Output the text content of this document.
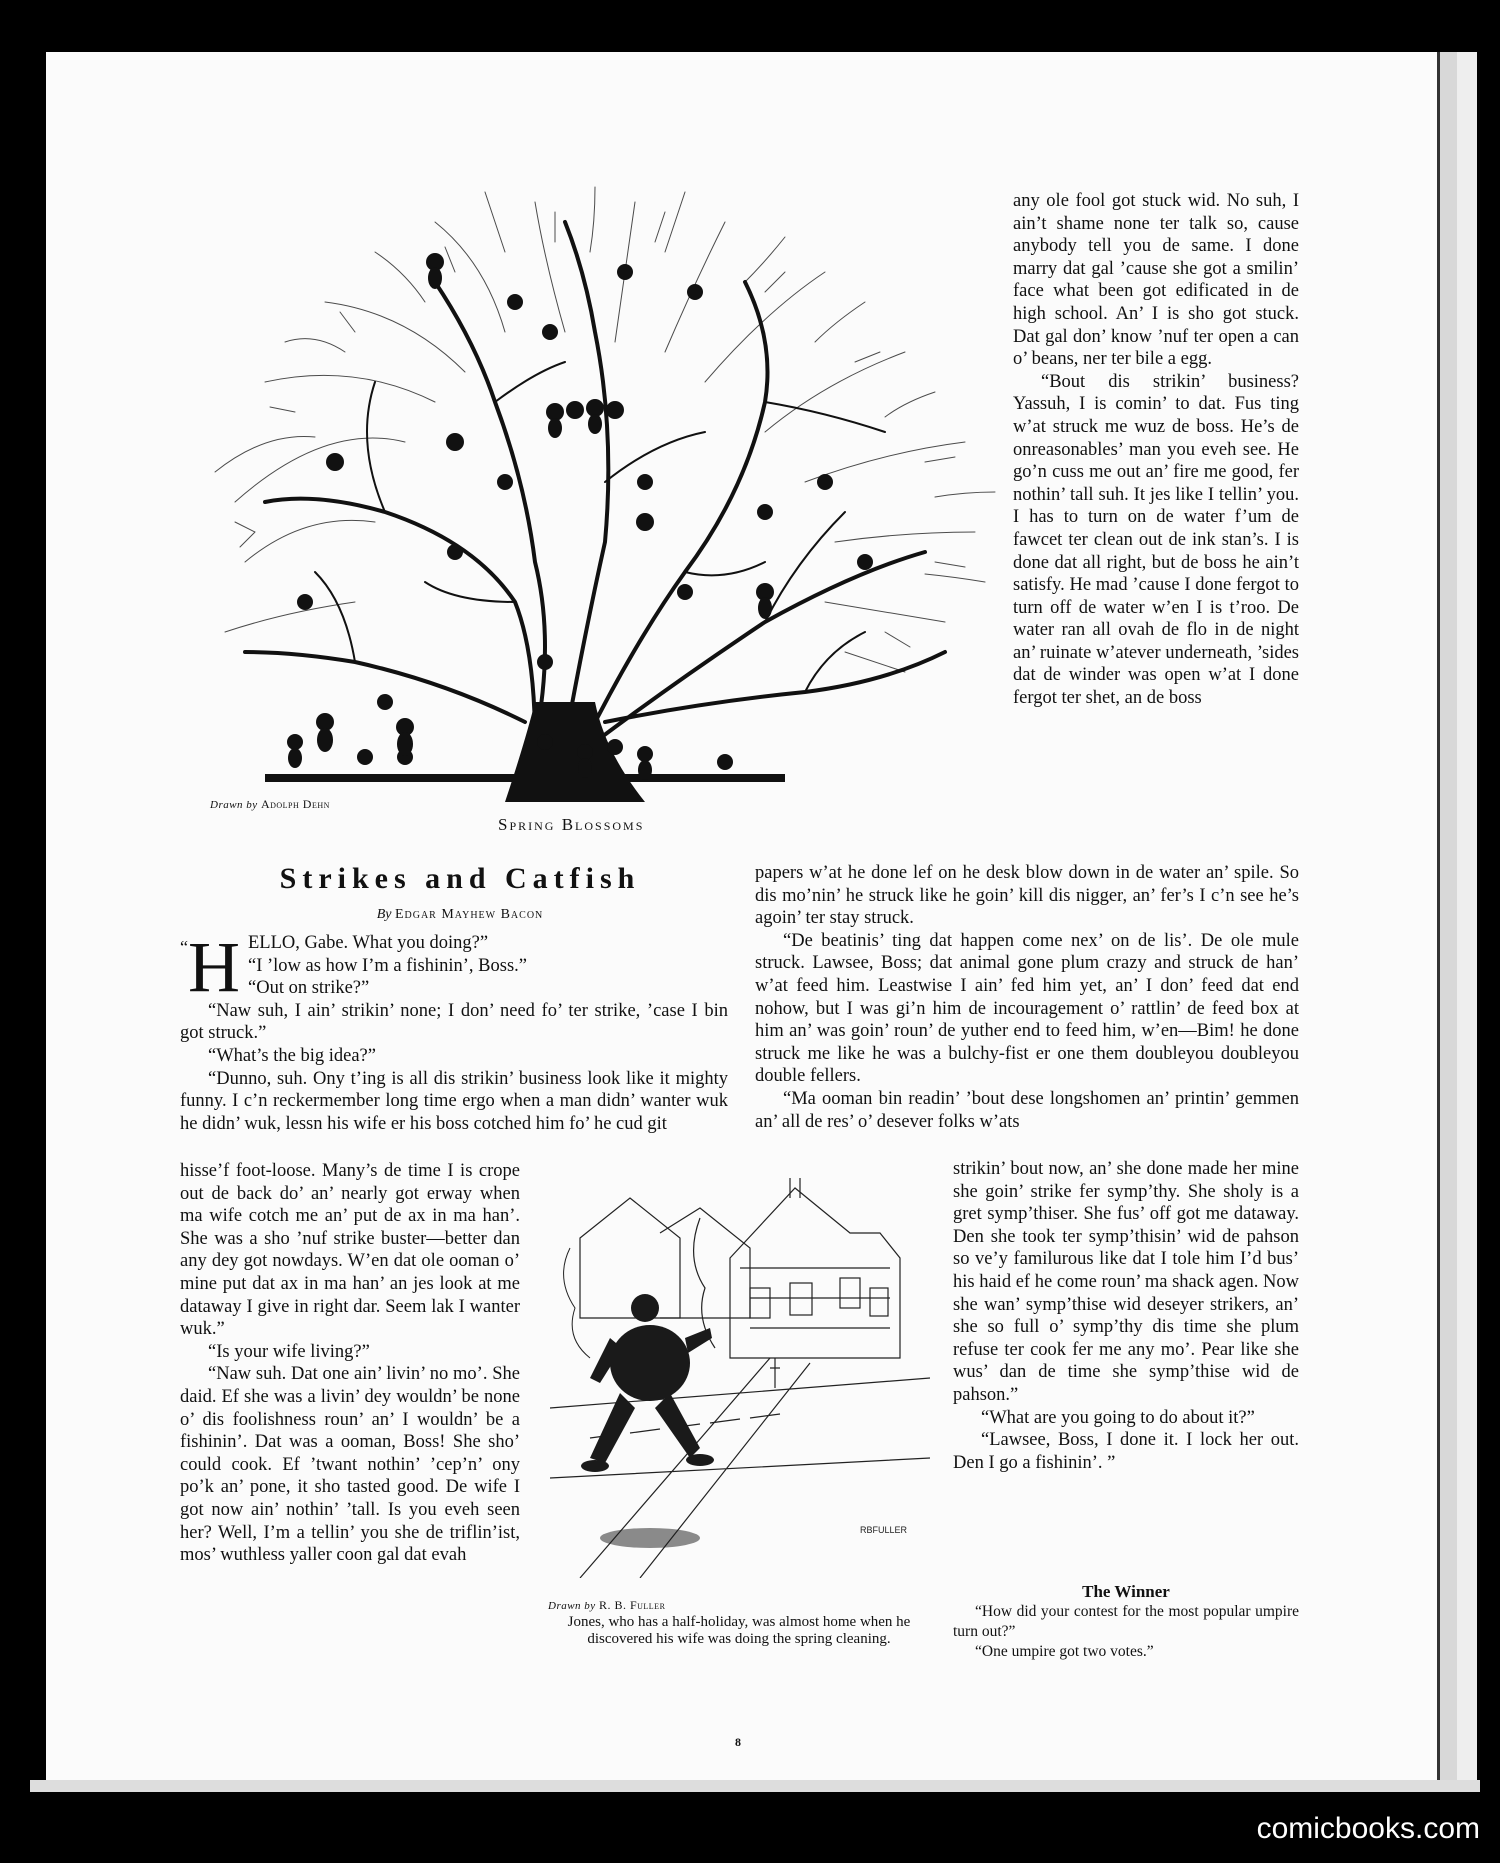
Drawn by Adolph Dehn
Spring Blossoms
Strikes and Catfish
By Edgar Mayhew Bacon

“ H ELLO, Gabe. What you doing?”
“I ’low as how I’m a fishinin’, Boss.”
“Out on strike?”

“Naw suh, I ain’ strikin’ none; I don’ need fo’ ter strike, ’case I bin got struck.”

“What’s the big idea?”

“Dunno, suh. Ony t’ing is all dis strikin’ business look like it mighty funny. I c’n reckermember long time ergo when a man didn’ wanter wuk he didn’ wuk, lessn his wife er his boss cotched him fo’ he cud git

hisse’f foot-loose. Many’s de time I is crope out de back do’ an’ nearly got erway when ma wife cotch me an’ put de ax in ma han’. She was a sho ’nuf strike buster—better dan any dey got nowdays. W’en dat ole ooman o’ mine put dat ax in ma han’ an jes look at me dataway I give in right dar. Seem lak I wanter wuk.”

“Is your wife living?”

“Naw suh. Dat one ain’ livin’ no mo’. She daid. Ef she was a livin’ dey wouldn’ be none o’ dis foolishness roun’ an’ I wouldn’ be a fishinin’. Dat was a ooman, Boss! She sho’ could cook. Ef ’twant nothin’ ’cep’n’ ony po’k an’ pone, it sho tasted good. De wife I got now ain’ nothin’ ’tall. Is you eveh seen her? Well, I’m a tellin’ you she de triflin’ist, mos’ wuthless yaller coon gal dat evah

any ole fool got stuck wid. No suh, I ain’t shame none ter talk so, cause anybody tell you de same. I done marry dat gal ’cause she got a smilin’ face what been got edificated in de high school. An’ I is sho got stuck. Dat gal don’ know ’nuf ter open a can o’ beans, ner ter bile a egg.

“Bout dis strikin’ business? Yassuh, I is comin’ to dat. Fus ting w’at struck me wuz de boss. He’s de onreasonables’ man you eveh see. He go’n cuss me out an’ fire me good, fer nothin’ tall suh. It jes like I tellin’ you. I has to turn on de water f’um de fawcet ter clean out de ink stan’s. I is done dat all right, but de boss he ain’t satisfy. He mad ’cause I done fergot to turn off de water w’en I is t’roo. De water ran all ovah de flo in de night an’ ruinate w’atever underneath, ’sides dat de winder was open w’at I done fergot ter shet, an de boss

papers w’at he done lef on he desk blow down in de water an’ spile. So dis mo’nin’ he struck like he goin’ kill dis nigger, an’ fer’s I c’n see he’s agoin’ ter stay struck.

“De beatinis’ ting dat happen come nex’ on de lis’. De ole mule struck. Lawsee, Boss; dat animal gone plum crazy and struck de han’ w’at feed him. Leastwise I ain’ fed him yet, an’ I don’ feed dat end nohow, but I was gi’n him de incouragement o’ rattlin’ de feed box at him an’ was goin’ roun’ de yuther end to feed him, w’en—Bim! he done struck me like he was a bulchy-fist er one them doubleyou doubleyou double fellers.

“Ma ooman bin readin’ ’bout dese longshomen an’ printin’ gemmen an’ all de res’ o’ desever folks w’ats

strikin’ bout now, an’ she done made her mine she goin’ strike fer symp’thy. She sholy is a gret symp’thiser. She fus’ off got me dataway. Den she took ter symp’thisin’ wid de pahson so ve’y familurous like dat I tole him I’d bus’ his haid ef he come roun’ ma shack agen. Now she wan’ symp’thise wid deseyer strikers, an’ she so full o’ symp’thy dis time she plum refuse ter cook fer me any mo’. Pear like she wus’ dan de time she symp’thise wid de pahson.”

“What are you going to do about it?”

“Lawsee, Boss, I done it. I lock her out. Den I go a fishinin’. ”

RBFULLER
Drawn by R. B. Fuller
Jones, who has a half-holiday, was almost home when he discovered his wife was doing the spring cleaning.
The Winner
“How did your contest for the most popular umpire turn out?”
“One umpire got two votes.”
8
comicbooks.com
